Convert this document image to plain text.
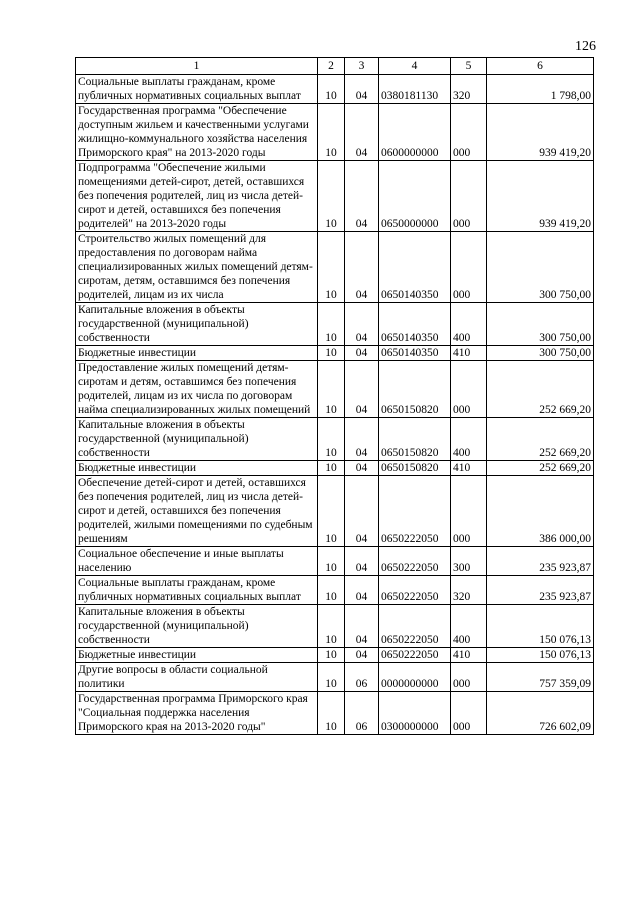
126
1	2	3	4	5	6
Социальные выплаты гражданам, кроме публичных нормативных социальных выплат	10	04	0380181130	320	1 798,00
Государственная программа "Обеспечение доступным жильем и качественными услугами жилищно-коммунального хозяйства населения Приморского края" на 2013-2020 годы	10	04	0600000000	000	939 419,20
Подпрограмма "Обеспечение жилыми помещениями детей-сирот, детей, оставшихся без попечения родителей, лиц из числа детей-сирот и детей, оставшихся без попечения родителей" на 2013-2020 годы	10	04	0650000000	000	939 419,20
Строительство жилых помещений для предоставления по договорам найма специализированных жилых помещений детям-сиротам, детям, оставшимся без попечения родителей, лицам из их числа	10	04	0650140350	000	300 750,00
Капитальные вложения в объекты государственной (муниципальной) собственности	10	04	0650140350	400	300 750,00
Бюджетные инвестиции	10	04	0650140350	410	300 750,00
Предоставление жилых помещений детям-сиротам и детям, оставшимся без попечения родителей, лицам из их числа по договорам найма специализированных жилых помещений	10	04	0650150820	000	252 669,20
Капитальные вложения в объекты государственной (муниципальной) собственности	10	04	0650150820	400	252 669,20
Бюджетные инвестиции	10	04	0650150820	410	252 669,20
Обеспечение детей-сирот и детей, оставшихся без попечения родителей, лиц из числа детей-сирот и детей, оставшихся без попечения родителей, жилыми помещениями по судебным решениям	10	04	0650222050	000	386 000,00
Социальное обеспечение и иные выплаты населению	10	04	0650222050	300	235 923,87
Социальные выплаты гражданам, кроме публичных нормативных социальных выплат	10	04	0650222050	320	235 923,87
Капитальные вложения в объекты государственной (муниципальной) собственности	10	04	0650222050	400	150 076,13
Бюджетные инвестиции	10	04	0650222050	410	150 076,13
Другие вопросы в области социальной политики	10	06	0000000000	000	757 359,09
Государственная программа Приморского края "Социальная поддержка населения Приморского края на 2013-2020 годы"	10	06	0300000000	000	726 602,09
